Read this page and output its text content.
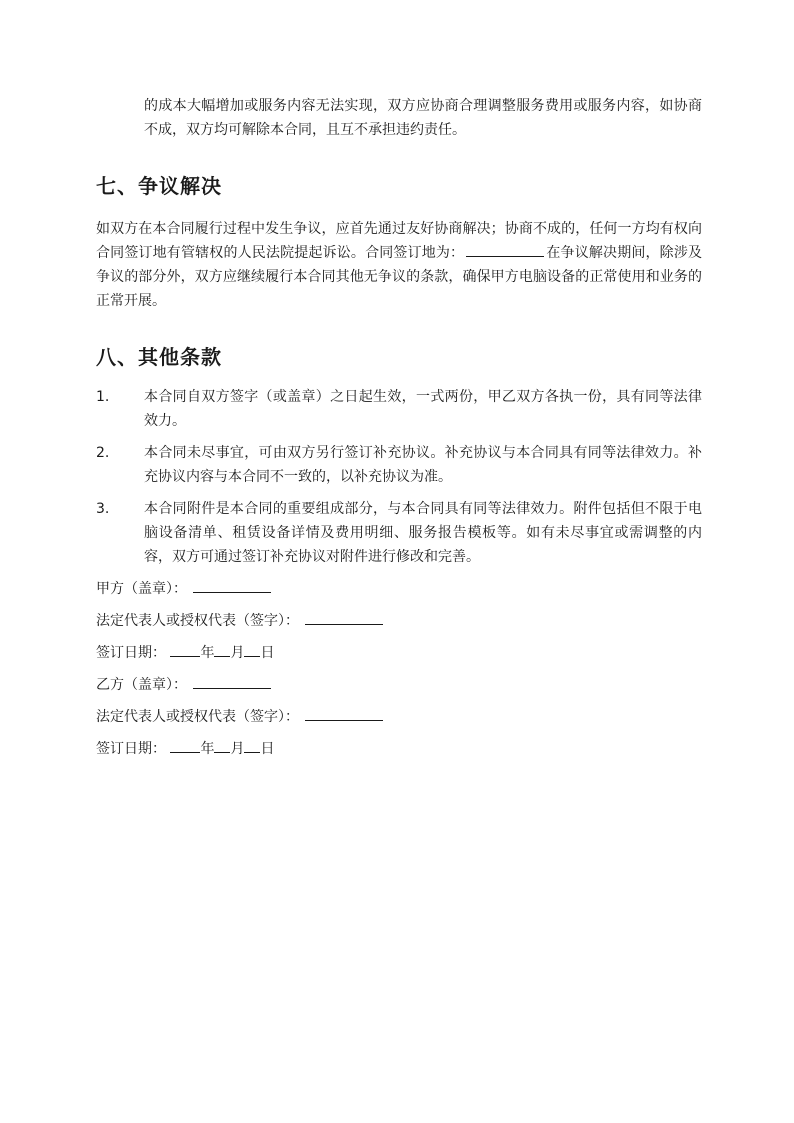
的成本大幅增加或服务内容无法实现，双方应协商合理调整服务费用或服务内容，如协商不成，双方均可解除本合同，且互不承担违约责任。
七、争议解决

如双方在本合同履行过程中发生争议，应首先通过友好协商解决；协商不成的，任何一方均有权向合同签订地有管辖权的人民法院提起诉讼。合同签订地为：	在争议解决期间，除涉及争议的部分外，双方应继续履行本合同其他无争议的条款，确保甲方电脑设备的正常使用和业务的正常开展。

八、其他条款
1.	本合同自双方签字（或盖章）之日起生效，一式两份，甲乙双方各执一份，具有同等法律效力。
2.	本合同未尽事宜，可由双方另行签订补充协议。补充协议与本合同具有同等法律效力。补充协议内容与本合同不一致的，以补充协议为准。
3.	本合同附件是本合同的重要组成部分，与本合同具有同等法律效力。附件包括但不限于电脑设备清单、租赁设备详情及费用明细、服务报告模板等。如有未尽事宜或需调整的内容，双方可通过签订补充协议对附件进行修改和完善。

甲方（盖章）：

法定代表人或授权代表（签字）：

签订日期： 年 月 日

乙方（盖章）：

法定代表人或授权代表（签字）：

签订日期： 年 月 日
